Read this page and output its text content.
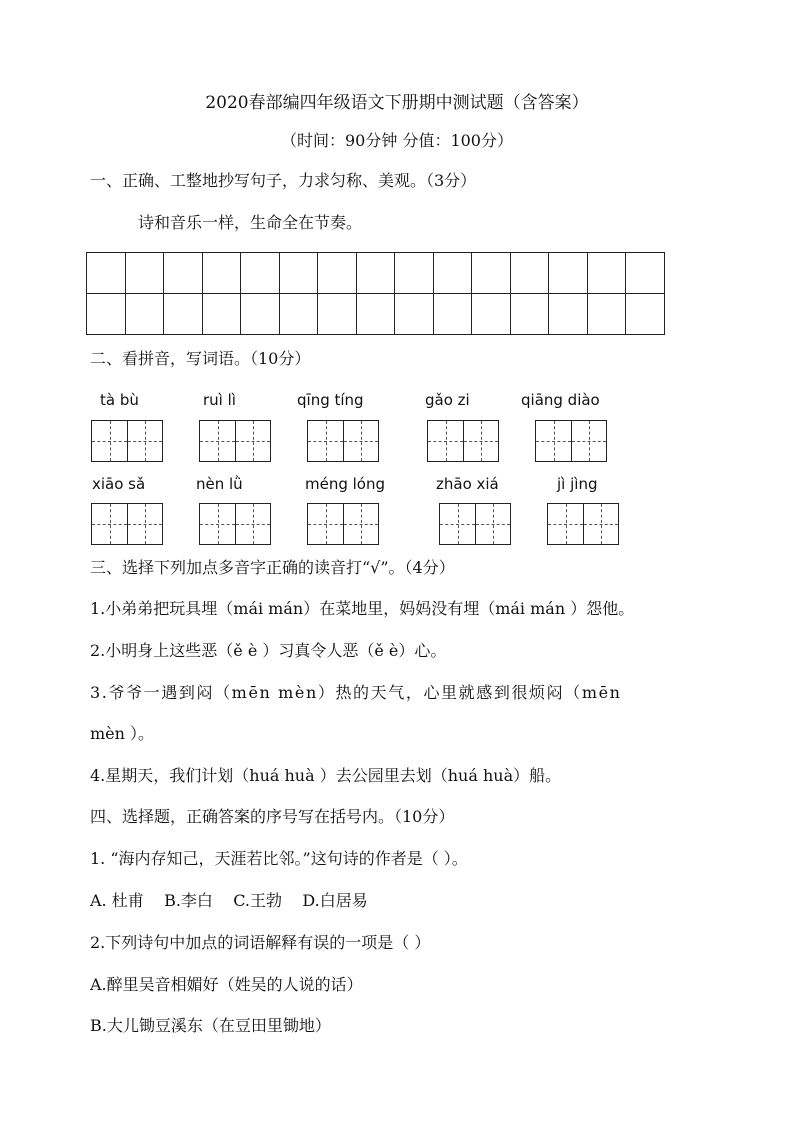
2020春部编四年级语文下册期中测试题（含答案）
（时间：90分钟 分值：100分）
一、正确、工整地抄写句子，力求匀称、美观。（3分）
诗和音乐一样，生命全在节奏。

二、看拼音，写词语。（10分）
tà bù	ruì lì	qīng tíng	gǎo zi	qiāng diào
xiāo sǎ	nèn lǜ	méng lóng	zhāo xiá	jì jìng
三、选择下列加点多音字正确的读音打“√”。（4分）
1.小弟弟把玩具埋（mái mán）在菜地里，妈妈没有埋（mái mán ）怨他。
2.小明身上这些恶（ě è ）习真令人恶（ě è）心。
3.爷爷一遇到闷（mēn mèn）热的天气，心里就感到很烦闷（mēn
mèn ）。
4.星期天，我们计划（huá huà ）去公园里去划（huá huà）船。
四、选择题，正确答案的序号写在括号内。（10分）
1. “海内存知己，天涯若比邻。”这句诗的作者是（ ）。
A. 杜甫    B.李白    C.王勃    D.白居易
2.下列诗句中加点的词语解释有误的一项是（ ）
A.醉里吴音相媚好（姓吴的人说的话）
B.大儿锄豆溪东（在豆田里锄地）
